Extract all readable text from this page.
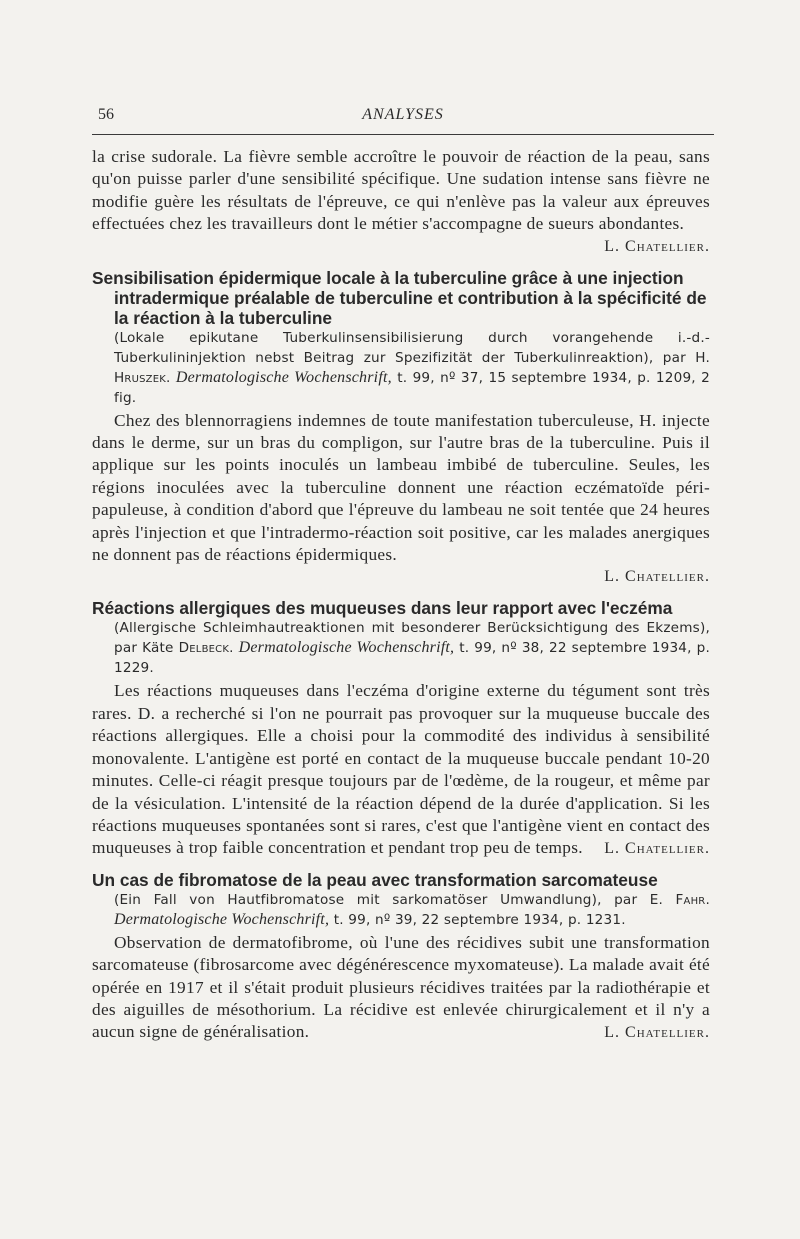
56	ANALYSES

la crise sudorale. La fièvre semble accroître le pouvoir de réaction de la peau, sans qu'on puisse parler d'une sensibilité spécifique. Une sudation intense sans fièvre ne modifie guère les résultats de l'épreuve, ce qui n'enlève pas la valeur aux épreuves effectuées chez les travailleurs dont le métier s'accompagne de sueurs abondantes.

L. Chatellier.

Sensibilisation épidermique locale à la tuberculine grâce à une injection intradermique préalable de tuberculine et contribution à la spécificité de la réaction à la tuberculine

(Lokale epikutane Tuberkulinsensibilisierung durch vorangehende i.-d.-Tuberkulininjektion nebst Beitrag zur Spezifizität der Tuberkulinreaktion), par H. Hruszek. Dermatologische Wochenschrift, t. 99, nº 37, 15 septembre 1934, p. 1209, 2 fig.

Chez des blennorragiens indemnes de toute manifestation tuberculeuse, H. injecte dans le derme, sur un bras du compligon, sur l'autre bras de la tuberculine. Puis il applique sur les points inoculés un lambeau imbibé de tuberculine. Seules, les régions inoculées avec la tuberculine donnent une réaction eczématoïde péri-papuleuse, à condition d'abord que l'épreuve du lambeau ne soit tentée que 24 heures après l'injection et que l'intradermo-réaction soit positive, car les malades anergiques ne donnent pas de réactions épidermiques.

L. Chatellier.

Réactions allergiques des muqueuses dans leur rapport avec l'eczéma

(Allergische Schleimhautreaktionen mit besonderer Berücksichtigung des Ekzems), par Käte Delbeck. Dermatologische Wochenschrift, t. 99, nº 38, 22 septembre 1934, p. 1229.

Les réactions muqueuses dans l'eczéma d'origine externe du tégument sont très rares. D. a recherché si l'on ne pourrait pas provoquer sur la muqueuse buccale des réactions allergiques. Elle a choisi pour la commodité des individus à sensibilité monovalente. L'antigène est porté en contact de la muqueuse buccale pendant 10-20 minutes. Celle-ci réagit presque toujours par de l'œdème, de la rougeur, et même par de la vésiculation. L'intensité de la réaction dépend de la durée d'application. Si les réactions muqueuses spontanées sont si rares, c'est que l'antigène vient en contact des muqueuses à trop faible concentration et pendant trop peu de temps.	L. Chatellier.

Un cas de fibromatose de la peau avec transformation sarcomateuse

(Ein Fall von Hautfibromatose mit sarkomatöser Umwandlung), par E. Fahr. Dermatologische Wochenschrift, t. 99, nº 39, 22 septembre 1934, p. 1231.

Observation de dermatofibrome, où l'une des récidives subit une transformation sarcomateuse (fibrosarcome avec dégénérescence myxomateuse). La malade avait été opérée en 1917 et il s'était produit plusieurs récidives traitées par la radiothérapie et des aiguilles de mésothorium. La récidive est enlevée chirurgicalement et il n'y a aucun signe de généralisation.	L. Chatellier.
